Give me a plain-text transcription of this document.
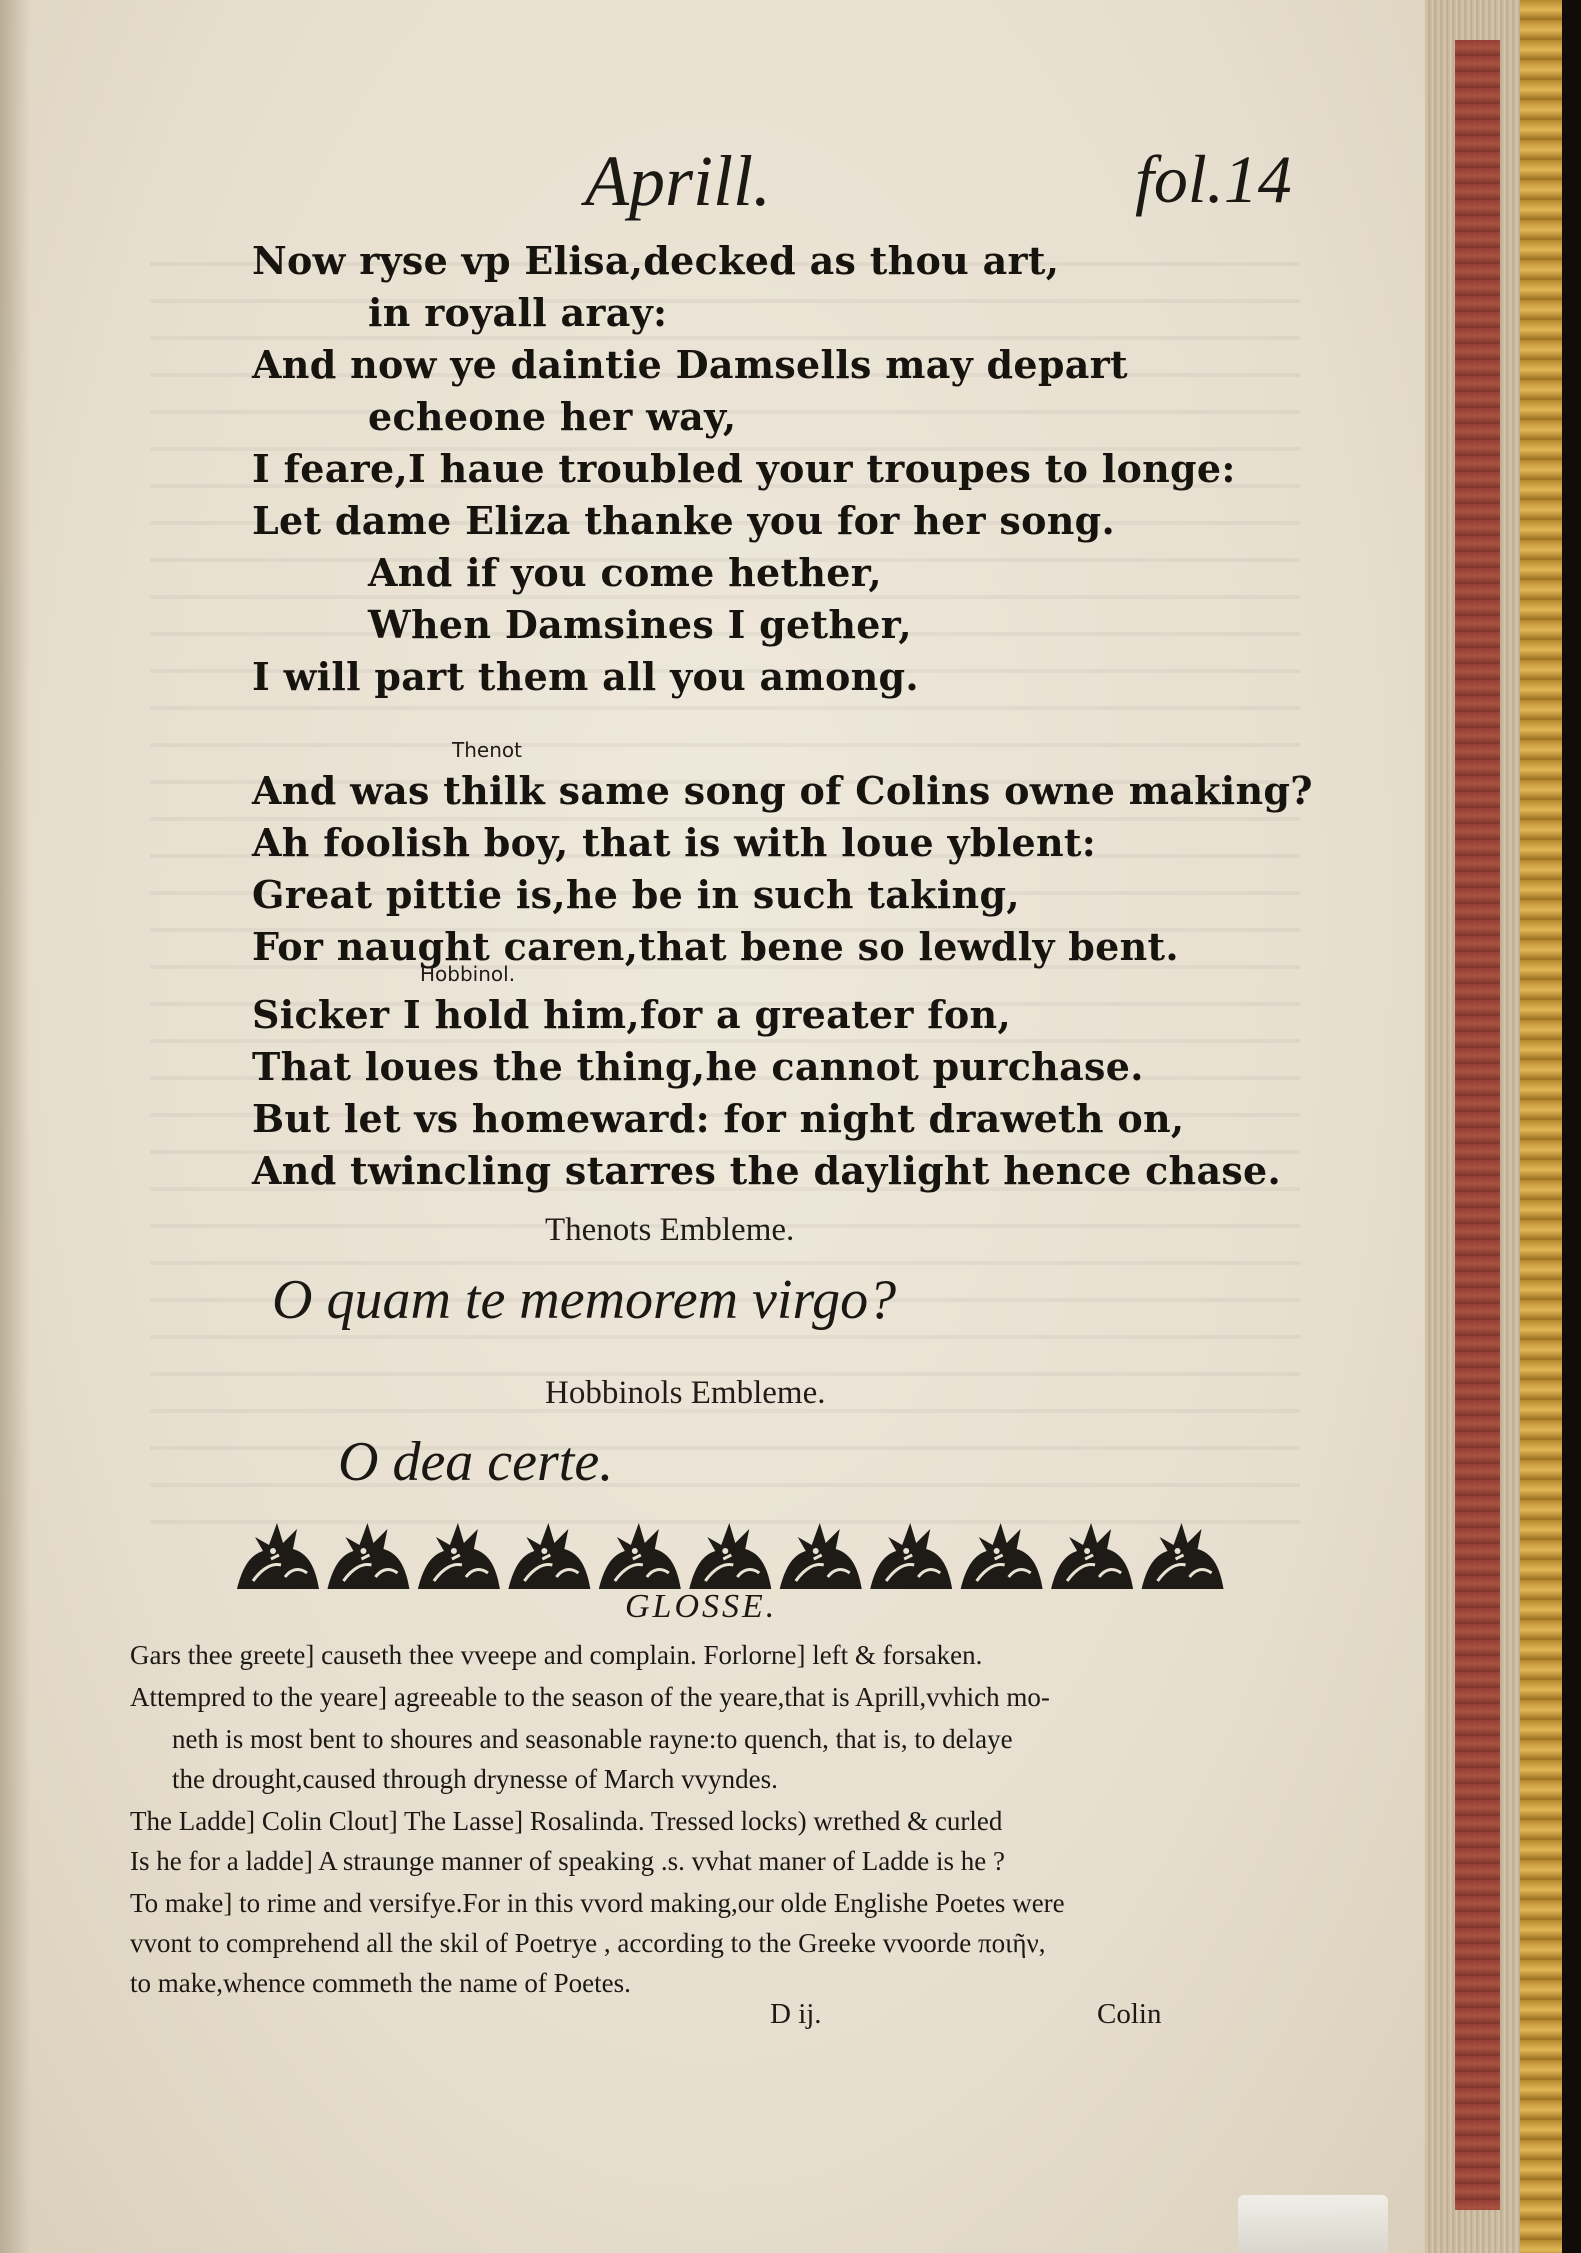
Aprill.	fol.14
Now ryse vp Elisa,decked as thou art,
in royall aray:
And now ye daintie Damsells may depart
echeone her way,
I feare,I haue troubled your troupes to longe:
Let dame Eliza thanke you for her song.
And if you come hether,
When Damsines I gether,
I will part them all you among.
Thenot
And was thilk same song of Colins owne making?
Ah foolish boy, that is with loue yblent:
Great pittie is,he be in such taking,
For naught caren,that bene so lewdly bent.
Hobbinol.
Sicker I hold him,for a greater fon,
That loues the thing,he cannot purchase.
But let vs homeward: for night draweth on,
And twincling starres the daylight hence chase.
Thenots Embleme.
O quam te memorem virgo?
Hobbinols Embleme.
O dea certe.
GLOSSE.
Gars thee greete] causeth thee vveepe and complain. Forlorne] left & forsaken.
Attempred to the yeare] agreeable to the season of the yeare,that is Aprill,vvhich mo-
neth is most bent to shoures and seasonable rayne:to quench, that is, to delaye
the drought,caused through drynesse of March vvyndes.
The Ladde] Colin Clout] The Lasse] Rosalinda. Tressed locks) wrethed & curled
Is he for a ladde] A straunge manner of speaking .s. vvhat maner of Ladde is he ?
To make] to rime and versifye.For in this vvord making,our olde Englishe Poetes were
vvont to comprehend all the skil of Poetrye , according to the Greeke vvoorde ποιῆν,
to make,whence commeth the name of Poetes.
D ij.	Colin
